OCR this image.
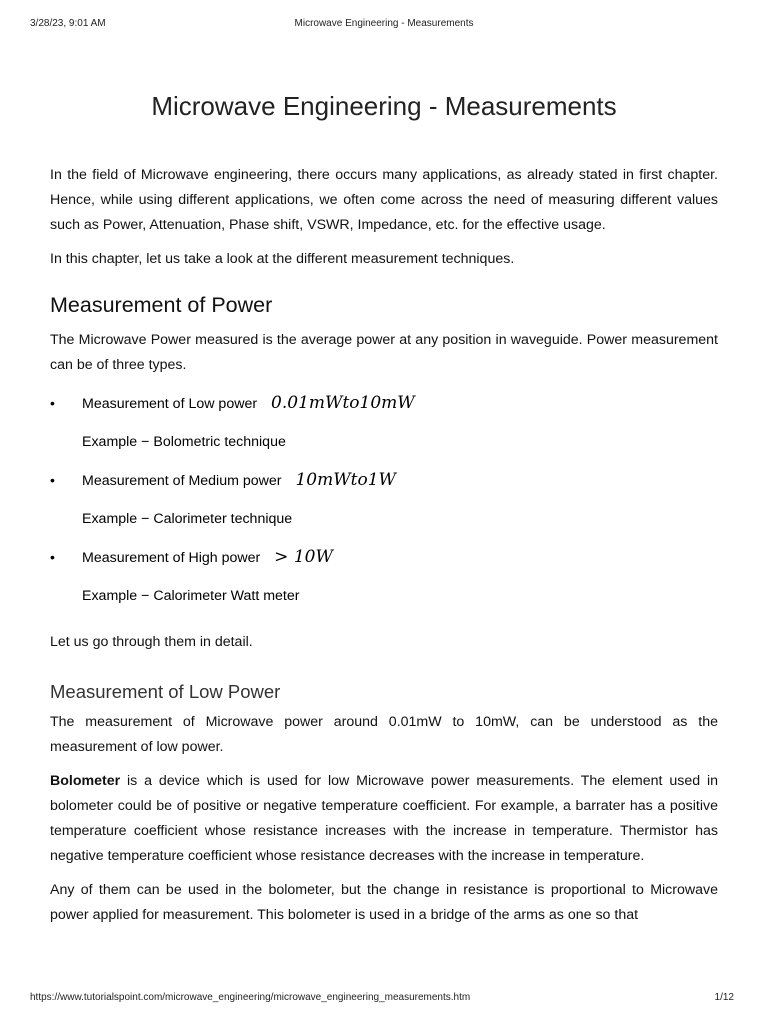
3/28/23, 9:01 AM	Microwave Engineering - Measurements
Microwave Engineering - Measurements

In the field of Microwave engineering, there occurs many applications, as already stated in first chapter. Hence, while using different applications, we often come across the need of measuring different values such as Power, Attenuation, Phase shift, VSWR, Impedance, etc. for the effective usage.

In this chapter, let us take a look at the different measurement techniques.

Measurement of Power

The Microwave Power measured is the average power at any position in waveguide. Power measurement can be of three types.

• Measurement of Low power 0.01mWto10mW
Example − Bolometric technique
• Measurement of Medium power 10mWto1W
Example − Calorimeter technique
• Measurement of High power > 10W
Example − Calorimeter Watt meter

Let us go through them in detail.

Measurement of Low Power

The measurement of Microwave power around 0.01mW to 10mW, can be understood as the measurement of low power.

Bolometer is a device which is used for low Microwave power measurements. The element used in bolometer could be of positive or negative temperature coefficient. For example, a barrater has a positive temperature coefficient whose resistance increases with the increase in temperature. Thermistor has negative temperature coefficient whose resistance decreases with the increase in temperature.

Any of them can be used in the bolometer, but the change in resistance is proportional to Microwave power applied for measurement. This bolometer is used in a bridge of the arms as one so that

https://www.tutorialspoint.com/microwave_engineering/microwave_engineering_measurements.htm	1/12
